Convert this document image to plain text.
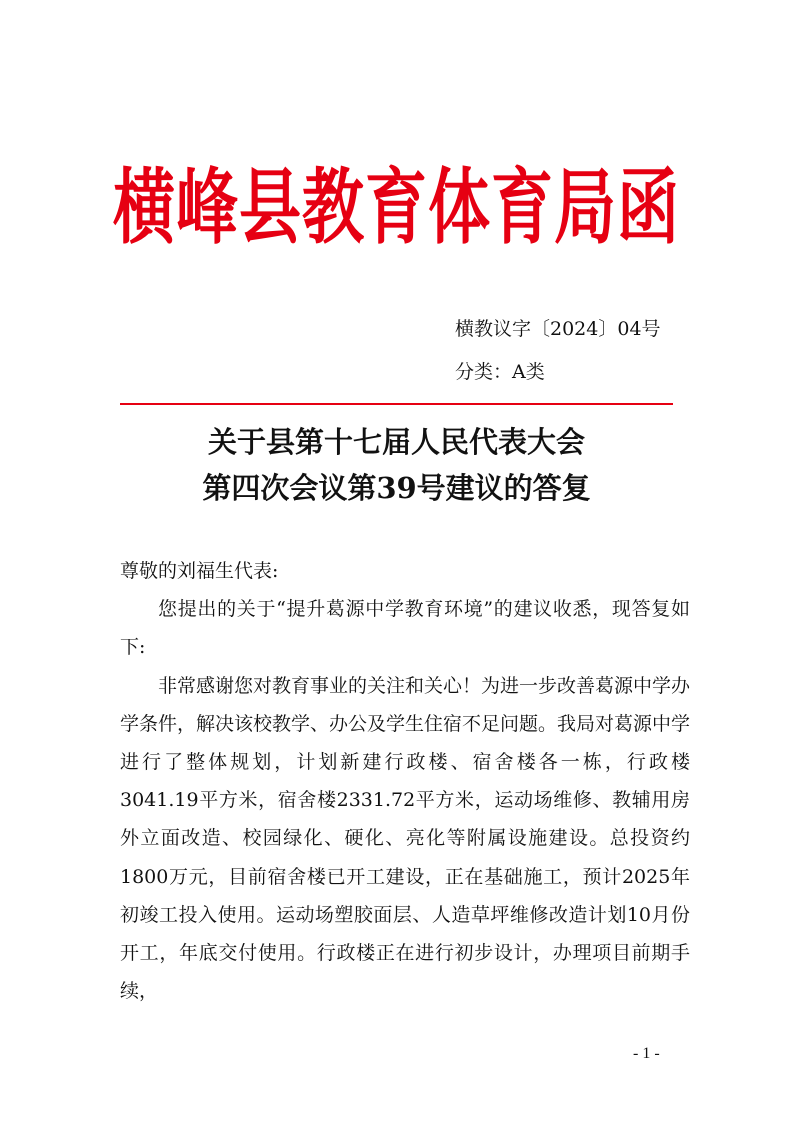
横峰县教育体育局函
横教议字〔2024〕04号
分类：A类
关于县第十七届人民代表大会
第四次会议第39号建议的答复

尊敬的刘福生代表:

您提出的关于“提升葛源中学教育环境”的建议收悉，现答复如下:

非常感谢您对教育事业的关注和关心！为进一步改善葛源中学办学条件，解决该校教学、办公及学生住宿不足问题。我局对葛源中学进行了整体规划，计划新建行政楼、宿舍楼各一栋，行政楼3041.19平方米，宿舍楼2331.72平方米，运动场维修、教辅用房外立面改造、校园绿化、硬化、亮化等附属设施建设。总投资约1800万元，目前宿舍楼已开工建设，正在基础施工，预计2025年初竣工投入使用。运动场塑胶面层、人造草坪维修改造计划10月份开工，年底交付使用。行政楼正在进行初步设计，办理项目前期手续，

- 1 -
